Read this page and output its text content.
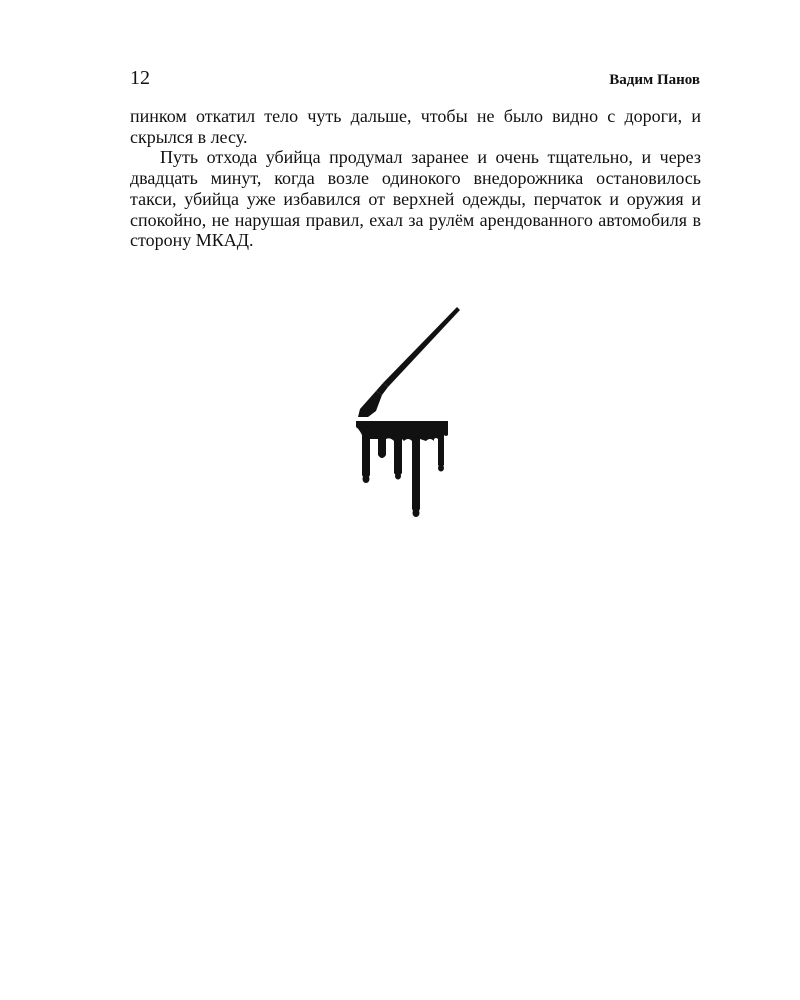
12	Вадим Панов

пинком откатил тело чуть дальше, чтобы не было видно с дороги, и скрылся в лесу.

Путь отхода убийца продумал заранее и очень тщательно, и через двадцать минут, когда возле одинокого внедорожника остановилось такси, убийца уже избавился от верхней одежды, перчаток и оружия и спокойно, не нарушая правил, ехал за рулём арендованного автомобиля в сторону МКАД.
